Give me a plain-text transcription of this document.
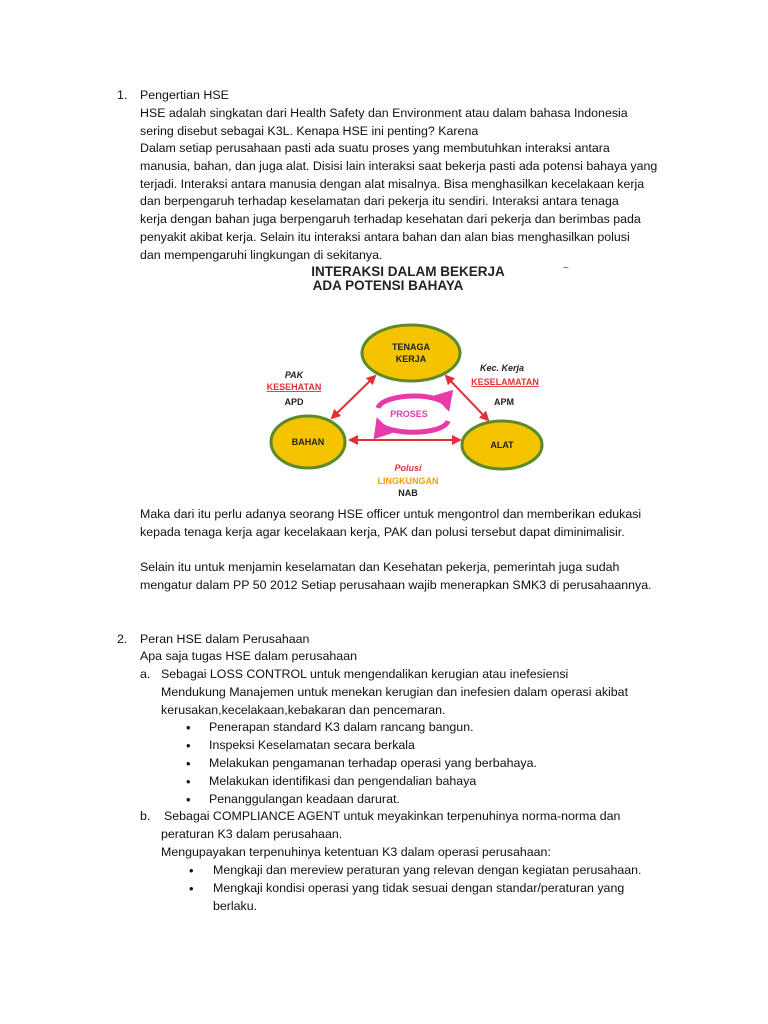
1. Pengertian HSE
HSE adalah singkatan dari Health Safety dan Environment atau dalam bahasa Indonesia
sering disebut sebagai K3L. Kenapa HSE ini penting? Karena
Dalam setiap perusahaan pasti ada suatu proses yang membutuhkan interaksi antara
manusia, bahan, dan juga alat. Disisi lain interaksi saat bekerja pasti ada potensi bahaya yang
terjadi. Interaksi antara manusia dengan alat misalnya. Bisa menghasilkan kecelakaan kerja
dan berpengaruh terhadap keselamatan dari pekerja itu sendiri. Interaksi antara tenaga
kerja dengan bahan juga berpengaruh terhadap kesehatan dari pekerja dan berimbas pada
penyakit akibat kerja. Selain itu interaksi antara bahan dan alan bias menghasilkan polusi
dan mempengaruhi lingkungan di sekitanya.
INTERAKSI DALAM BEKERJA
ADA POTENSI BAHAYA
~
TENAGA
KERJA
BAHAN	ALAT
PROSES
PAK
KESEHATAN
APD
Kec. Kerja
KESELAMATAN
APM
Polusi
LINGKUNGAN
NAB
Maka dari itu perlu adanya seorang HSE officer untuk mengontrol dan memberikan edukasi
kepada tenaga kerja agar kecelakaan kerja, PAK dan polusi tersebut dapat diminimalisir.
Selain itu untuk menjamin keselamatan dan Kesehatan pekerja, pemerintah juga sudah
mengatur dalam PP 50 2012 Setiap perusahaan wajib menerapkan SMK3 di perusahaannya.
2. Peran HSE dalam Perusahaan
Apa saja tugas HSE dalam perusahaan
a. Sebagai LOSS CONTROL untuk mengendalikan kerugian atau inefesiensi
Mendukung Manajemen untuk menekan kerugian dan inefesien dalam operasi akibat
kerusakan,kecelakaan,kebakaran dan pencemaran.
• Penerapan standard K3 dalam rancang bangun.
• Inspeksi Keselamatan secara berkala
• Melakukan pengamanan terhadap operasi yang berbahaya.
• Melakukan identifikasi dan pengendalian bahaya
• Penanggulangan keadaan darurat.
b. Sebagai COMPLIANCE AGENT untuk meyakinkan terpenuhinya norma-norma dan
peraturan K3 dalam perusahaan.
Mengupayakan terpenuhinya ketentuan K3 dalam operasi perusahaan:
• Mengkaji dan mereview peraturan yang relevan dengan kegiatan perusahaan.
• Mengkaji kondisi operasi yang tidak sesuai dengan standar/peraturan yang
berlaku.
